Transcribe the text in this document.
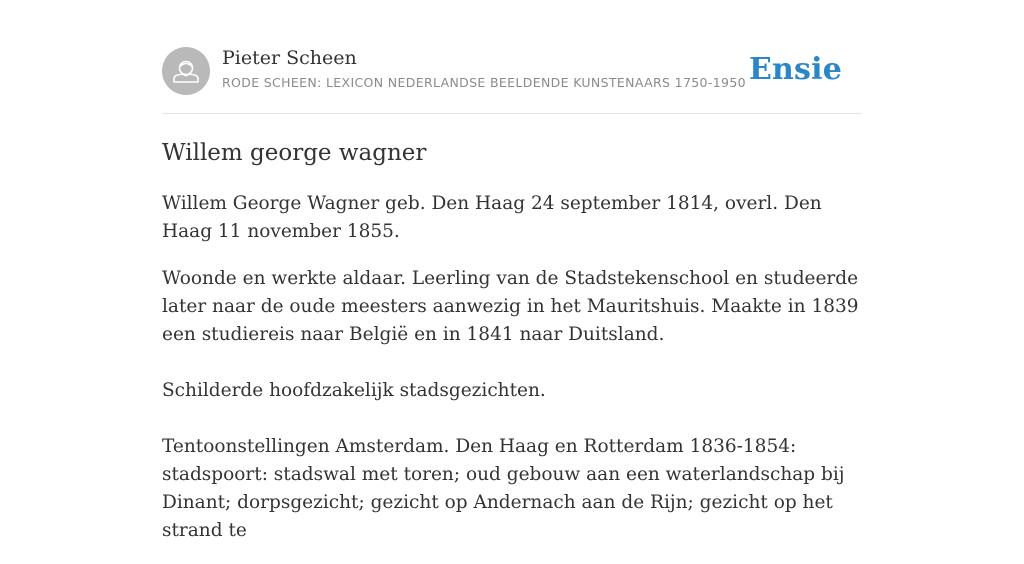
Pieter Scheen
RODE SCHEEN: LEXICON NEDERLANDSE BEELDENDE KUNSTENAARS 1750-1950 Ensie
Willem george wagner

Willem George Wagner geb. Den Haag 24 september 1814, overl. Den Haag 11 november 1855.

Woonde en werkte aldaar. Leerling van de Stadstekenschool en studeerde later naar de oude meesters aanwezig in het Mauritshuis. Maakte in 1839 een studiereis naar België en in 1841 naar Duitsland.

Schilderde hoofdzakelijk stadsgezichten.

Tentoonstellingen Amsterdam. Den Haag en Rotterdam 1836-1854: stadspoort: stadswal met toren; oud gebouw aan een waterlandschap bij Dinant; dorpsgezicht; gezicht op Andernach aan de Rijn; gezicht op het strand te
